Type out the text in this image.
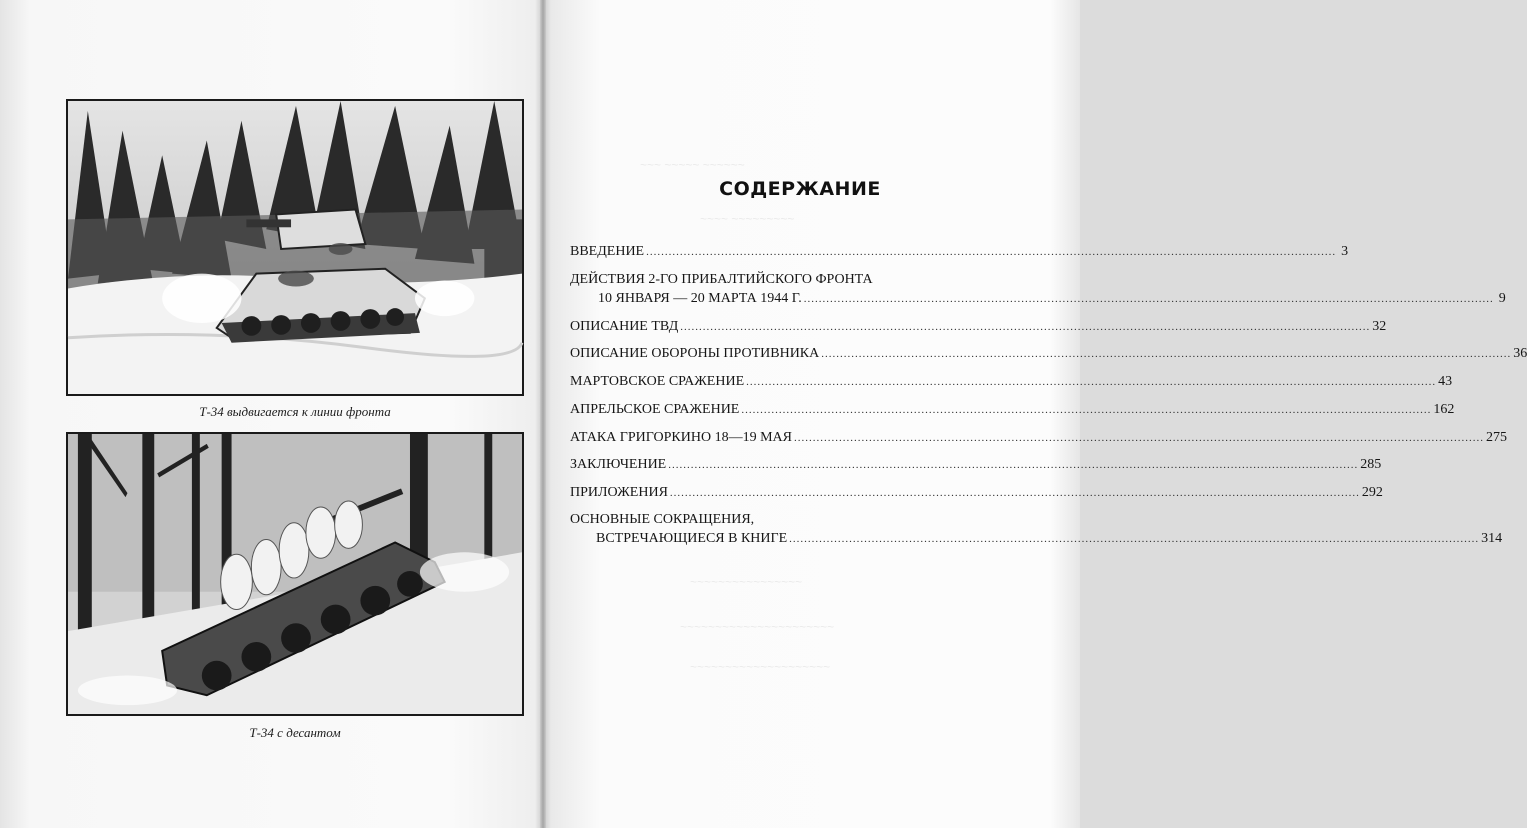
~~~ ~~~~~ ~~~~~~
~~~~ ~~~~~~~~~
~~~~~~~~~~~~~~~~
~~~~~~~~~~~~~~~~~~~~~~
~~~~~~~~~~~~~~~~~~~~
Т-34 выдвигается к линии фронта
Т-34 с десантом
СОДЕРЖАНИЕ
ВВЕДЕНИЕ ........................................................................................................................................................................................ 3
ДЕЙСТВИЯ 2-ГО ПРИБАЛТИЙСКОГО ФРОНТА
10 ЯНВАРЯ — 20 МАРТА 1944 Г. ........................................................................................................................................................................................ 9
ОПИСАНИЕ ТВД ........................................................................................................................................................................................ 32
ОПИСАНИЕ ОБОРОНЫ ПРОТИВНИКА ........................................................................................................................................................................................ 36
МАРТОВСКОЕ СРАЖЕНИЕ ........................................................................................................................................................................................ 43
АПРЕЛЬСКОЕ СРАЖЕНИЕ ........................................................................................................................................................................................ 162
АТАКА ГРИГОРКИНО 18—19 МАЯ ........................................................................................................................................................................................ 275
ЗАКЛЮЧЕНИЕ ........................................................................................................................................................................................ 285
ПРИЛОЖЕНИЯ ........................................................................................................................................................................................ 292
ОСНОВНЫЕ СОКРАЩЕНИЯ,
ВСТРЕЧАЮЩИЕСЯ В КНИГЕ ........................................................................................................................................................................................ 314
